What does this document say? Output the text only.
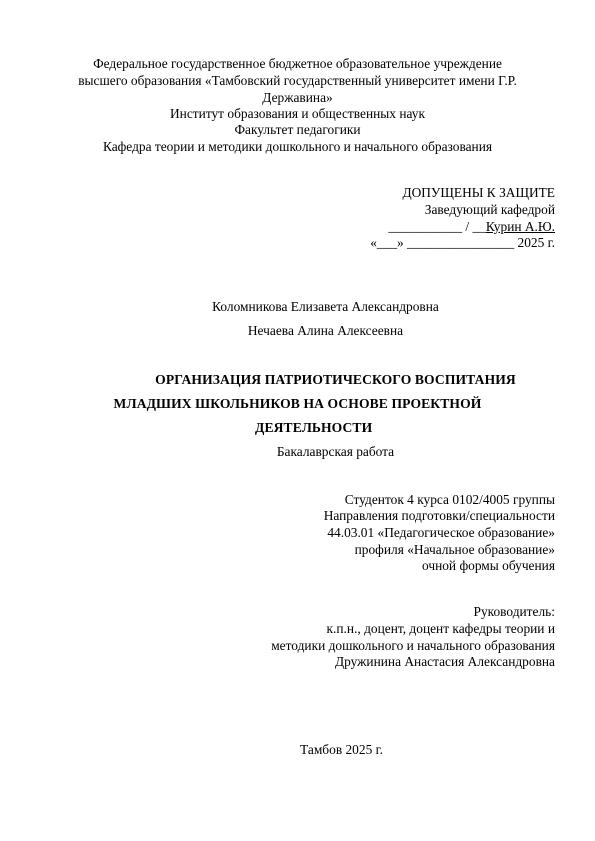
Федеральное государственное бюджетное образовательное учреждение
высшего образования «Тамбовский государственный университет имени Г.Р.
Державина»
Институт образования и общественных наук
Факультет педагогики
Кафедра теории и методики дошкольного и начального образования
ДОПУЩЕНЫ К ЗАЩИТЕ
Заведующий кафедрой
___________ / __Курин А.Ю.
«___» ________________ 2025 г.
Коломникова Елизавета Александровна
Нечаева Алина Алексеевна
ОРГАНИЗАЦИЯ ПАТРИОТИЧЕСКОГО ВОСПИТАНИЯ
МЛАДШИХ ШКОЛЬНИКОВ НА ОСНОВЕ ПРОЕКТНОЙ
ДЕЯТЕЛЬНОСТИ
Бакалаврская работа
Студенток 4 курса 0102/4005 группы
Направления подготовки/специальности
44.03.01 «Педагогическое образование»
профиля «Начальное образование»
очной формы обучения
Руководитель:
к.п.н., доцент, доцент кафедры теории и
методики дошкольного и начального образования
Дружинина Анастасия Александровна
Тамбов 2025 г.
